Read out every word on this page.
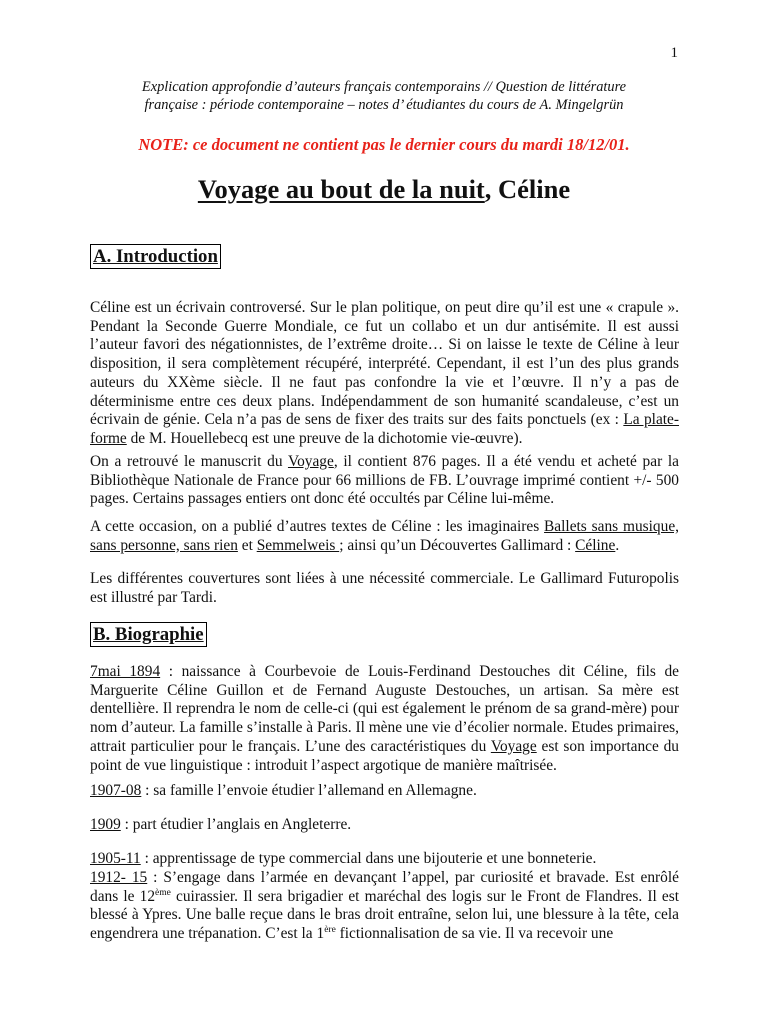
1
Explication approfondie d’auteurs français contemporains // Question de littérature
française : période contemporaine – notes d’ étudiantes du cours de A. Mingelgrün
NOTE: ce document ne contient pas le dernier cours du mardi 18/12/01.
Voyage au bout de la nuit, Céline
A. Introduction

Céline est un écrivain controversé. Sur le plan politique, on peut dire qu’il est une « crapule ». Pendant la Seconde Guerre Mondiale, ce fut un collabo et un dur antisémite. Il est aussi l’auteur favori des négationnistes, de l’extrême droite… Si on laisse le texte de Céline à leur disposition, il sera complètement récupéré, interprété. Cependant, il est l’un des plus grands auteurs du XXème siècle. Il ne faut pas confondre la vie et l’œuvre. Il n’y a pas de déterminisme entre ces deux plans. Indépendamment de son humanité scandaleuse, c’est un écrivain de génie. Cela n’a pas de sens de fixer des traits sur des faits ponctuels (ex : La plate-forme de M. Houellebecq est une preuve de la dichotomie vie-œuvre).

On a retrouvé le manuscrit du Voyage, il contient 876 pages. Il a été vendu et acheté par la Bibliothèque Nationale de France pour 66 millions de FB. L’ouvrage imprimé contient +/- 500 pages. Certains passages entiers ont donc été occultés par Céline lui-même.

A cette occasion, on a publié d’autres textes de Céline : les imaginaires Ballets sans musique, sans personne, sans rien et Semmelweis ; ainsi qu’un Découvertes Gallimard : Céline.

Les différentes couvertures sont liées à une nécessité commerciale. Le Gallimard Futuropolis est illustré par Tardi.

B. Biographie

7mai 1894 : naissance à Courbevoie de Louis-Ferdinand Destouches dit Céline, fils de Marguerite Céline Guillon et de Fernand Auguste Destouches, un artisan. Sa mère est dentellière. Il reprendra le nom de celle-ci (qui est également le prénom de sa grand-mère) pour nom d’auteur. La famille s’installe à Paris. Il mène une vie d’écolier normale. Etudes primaires, attrait particulier pour le français. L’une des caractéristiques du Voyage est son importance du point de vue linguistique : introduit l’aspect argotique de manière maîtrisée.

1907-08 : sa famille l’envoie étudier l’allemand en Allemagne.

1909 : part étudier l’anglais en Angleterre.

1905-11 : apprentissage de type commercial dans une bijouterie et une bonneterie.

1912- 15 : S’engage dans l’armée en devançant l’appel, par curiosité et bravade. Est enrôlé dans le 12ème cuirassier. Il sera brigadier et maréchal des logis sur le Front de Flandres. Il est blessé à Ypres. Une balle reçue dans le bras droit entraîne, selon lui, une blessure à la tête, cela engendrera une trépanation. C’est la 1ère fictionnalisation de sa vie. Il va recevoir une
